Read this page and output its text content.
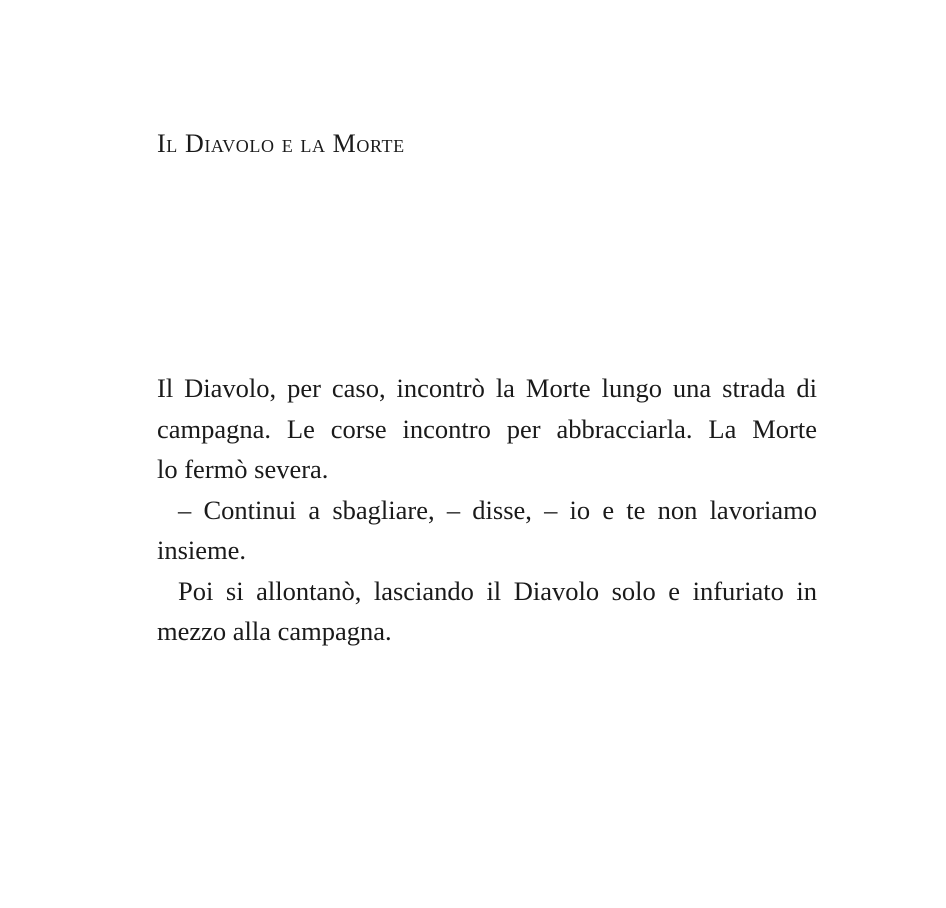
Il Diavolo e la Morte
Il Diavolo, per caso, incontrò la Morte lungo una strada di
campagna. Le corse incontro per abbracciarla. La Morte
lo fermò severa.
– Continui a sbagliare, – disse, – io e te non lavoriamo
insieme.
Poi si allontanò, lasciando il Diavolo solo e infuriato in
mezzo alla campagna.
